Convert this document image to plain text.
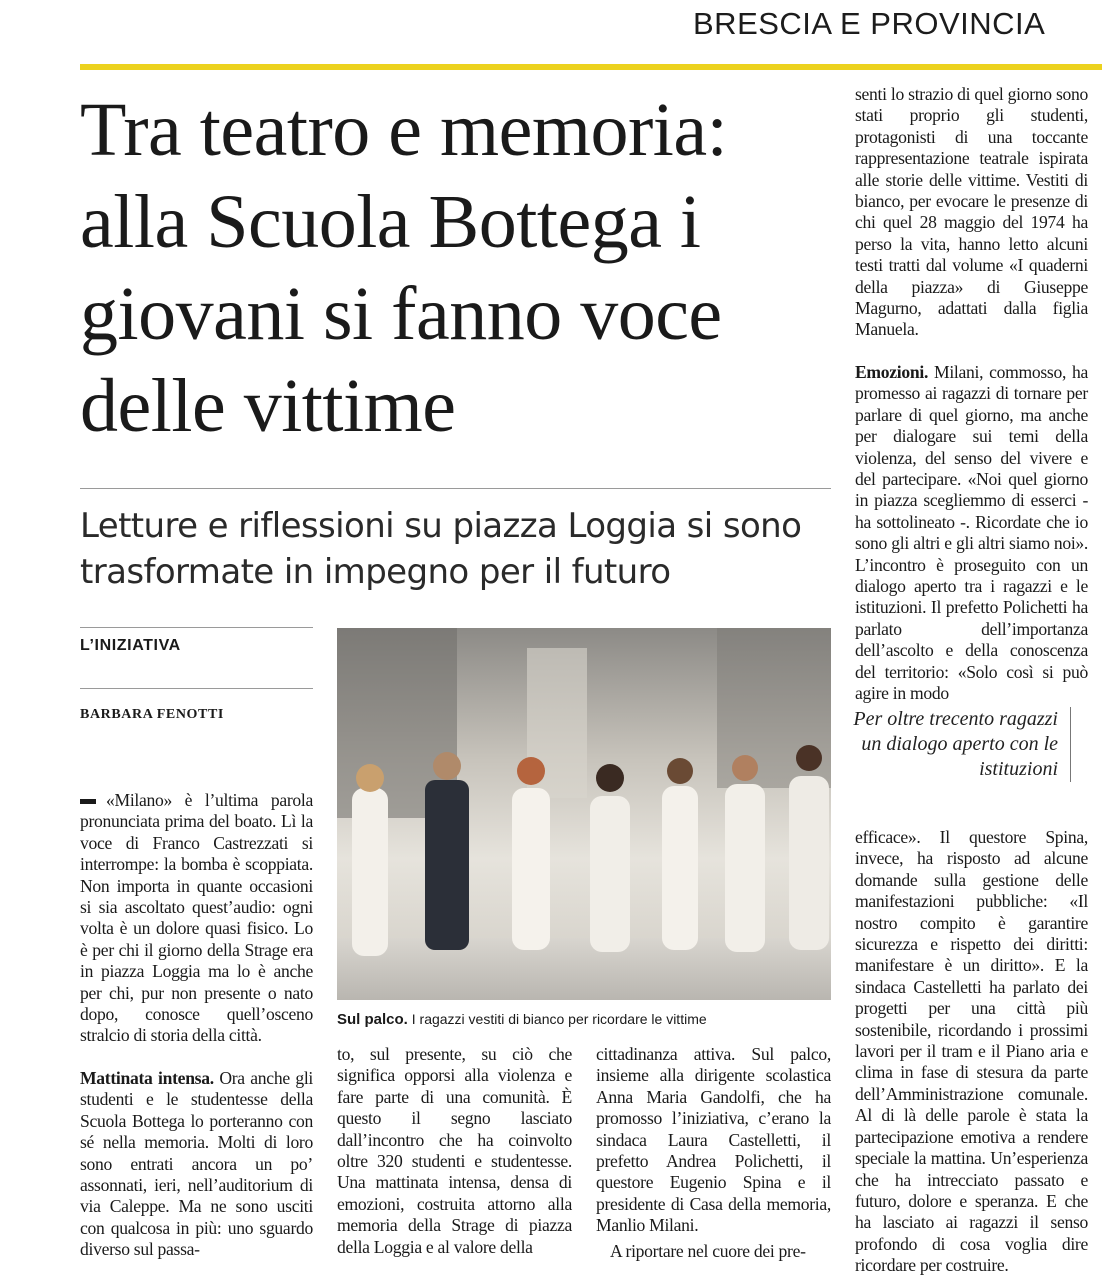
BRESCIA E PROVINCIA
Tra teatro e memoria: alla Scuola Bottega i giovani si fanno voce delle vittime
Letture e riflessioni su piazza Loggia si sono trasformate in impegno per il futuro
L’INIZIATIVA
BARBARA FENOTTI

«Milano» è l’ultima parola pronunciata prima del boato. Lì la voce di Franco Castrezzati si interrompe: la bomba è scoppiata. Non importa in quante occasioni si sia ascoltato quest’audio: ogni volta è un dolore quasi fisico. Lo è per chi il giorno della Strage era in piazza Loggia ma lo è anche per chi, pur non presente o nato dopo, conosce quell’osceno stralcio di storia della città.

Mattinata intensa. Ora anche gli studenti e le studentesse della Scuola Bottega lo porteranno con sé nella memoria. Molti di loro sono entrati ancora un po’ assonnati, ieri, nell’auditorium di via Caleppe. Ma ne sono usciti con qualcosa in più: uno sguardo diverso sul passa-

Sul palco. I ragazzi vestiti di bianco per ricordare le vittime

to, sul presente, su ciò che significa opporsi alla violenza e fare parte di una comunità. È questo il segno lasciato dall’incontro che ha coinvolto oltre 320 studenti e studentesse. Una mattinata intensa, densa di emozioni, costruita attorno alla memoria della Strage di piazza della Loggia e al valore della

cittadinanza attiva. Sul palco, insieme alla dirigente scolastica Anna Maria Gandolfi, che ha promosso l’iniziativa, c’erano la sindaca Laura Castelletti, il prefetto Andrea Polichetti, il questore Eugenio Spina e il presidente di Casa della memoria, Manlio Milani.

A riportare nel cuore dei pre-

senti lo strazio di quel giorno sono stati proprio gli studenti, protagonisti di una toccante rappresentazione teatrale ispirata alle storie delle vittime. Vestiti di bianco, per evocare le presenze di chi quel 28 maggio del 1974 ha perso la vita, hanno letto alcuni testi tratti dal volume «I quaderni della piazza» di Giuseppe Magurno, adattati dalla figlia Manuela.

Emozioni. Milani, commosso, ha promesso ai ragazzi di tornare per parlare di quel giorno, ma anche per dialogare sui temi della violenza, del senso del vivere e del partecipare. «Noi quel giorno in piazza scegliemmo di esserci - ha sottolineato -. Ricordate che io sono gli altri e gli altri siamo noi». L’incontro è proseguito con un dialogo aperto tra i ragazzi e le istituzioni. Il prefetto Polichetti ha parlato dell’importanza dell’ascolto e della conoscenza del territorio: «Solo così si può agire in modo

Per oltre trecento ragazzi un dialogo aperto con le istituzioni

efficace». Il questore Spina, invece, ha risposto ad alcune domande sulla gestione delle manifestazioni pubbliche: «Il nostro compito è garantire sicurezza e rispetto dei diritti: manifestare è un diritto». E la sindaca Castelletti ha parlato dei progetti per una città più sostenibile, ricordando i prossimi lavori per il tram e il Piano aria e clima in fase di stesura da parte dell’Amministrazione comunale. Al di là delle parole è stata la partecipazione emotiva a rendere speciale la mattina. Un’esperienza che ha intrecciato passato e futuro, dolore e speranza. E che ha lasciato ai ragazzi il senso profondo di cosa voglia dire ricordare per costruire.
